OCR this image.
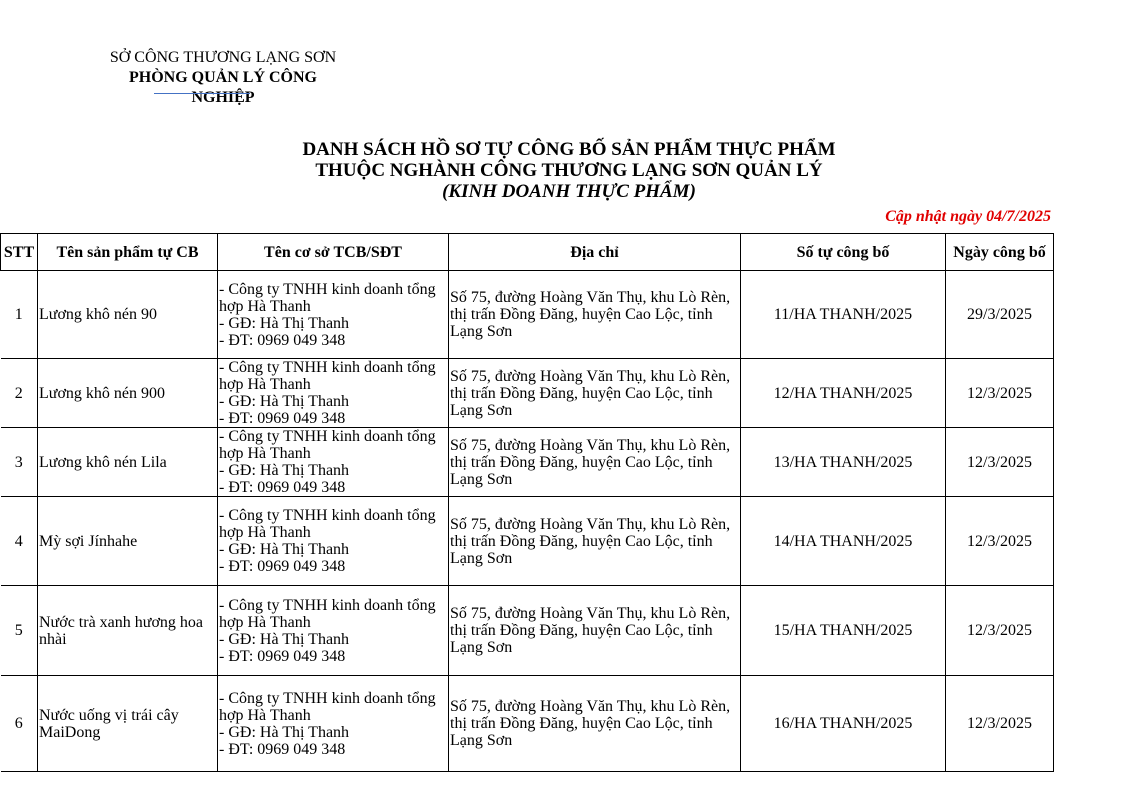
SỞ CÔNG THƯƠNG LẠNG SƠN
PHÒNG QUẢN LÝ CÔNG NGHIỆP
DANH SÁCH HỒ SƠ TỰ CÔNG BỐ SẢN PHẨM THỰC PHẨM
THUỘC NGHÀNH CÔNG THƯƠNG LẠNG SƠN QUẢN LÝ
(KINH DOANH THỰC PHẨM)
Cập nhật ngày 04/7/2025
STT	Tên sản phẩm tự CB	Tên cơ sở TCB/SĐT	Địa chỉ	Số tự công bố	Ngày công bố
1	Lương khô nén 90	- Công ty TNHH kinh doanh tổng hợp Hà Thanh
- GĐ: Hà Thị Thanh
- ĐT: 0969 049 348	Số 75, đường Hoàng Văn Thụ, khu Lò Rèn, thị trấn Đồng Đăng, huyện Cao Lộc, tỉnh Lạng Sơn	11/HA THANH/2025	29/3/2025
2	Lương khô nén 900	- Công ty TNHH kinh doanh tổng hợp Hà Thanh
- GĐ: Hà Thị Thanh
- ĐT: 0969 049 348	Số 75, đường Hoàng Văn Thụ, khu Lò Rèn, thị trấn Đồng Đăng, huyện Cao Lộc, tỉnh Lạng Sơn	12/HA THANH/2025	12/3/2025
3	Lương khô nén Lila	- Công ty TNHH kinh doanh tổng hợp Hà Thanh
- GĐ: Hà Thị Thanh
- ĐT: 0969 049 348	Số 75, đường Hoàng Văn Thụ, khu Lò Rèn, thị trấn Đồng Đăng, huyện Cao Lộc, tỉnh Lạng Sơn	13/HA THANH/2025	12/3/2025
4	Mỳ sợi Jínhahe	- Công ty TNHH kinh doanh tổng hợp Hà Thanh
- GĐ: Hà Thị Thanh
- ĐT: 0969 049 348	Số 75, đường Hoàng Văn Thụ, khu Lò Rèn, thị trấn Đồng Đăng, huyện Cao Lộc, tỉnh Lạng Sơn	14/HA THANH/2025	12/3/2025
5	Nước trà xanh hương hoa nhài	- Công ty TNHH kinh doanh tổng hợp Hà Thanh
- GĐ: Hà Thị Thanh
- ĐT: 0969 049 348	Số 75, đường Hoàng Văn Thụ, khu Lò Rèn, thị trấn Đồng Đăng, huyện Cao Lộc, tỉnh Lạng Sơn	15/HA THANH/2025	12/3/2025
6	Nước uống vị trái cây MaiDong	- Công ty TNHH kinh doanh tổng hợp Hà Thanh
- GĐ: Hà Thị Thanh
- ĐT: 0969 049 348	Số 75, đường Hoàng Văn Thụ, khu Lò Rèn, thị trấn Đồng Đăng, huyện Cao Lộc, tỉnh Lạng Sơn	16/HA THANH/2025	12/3/2025
